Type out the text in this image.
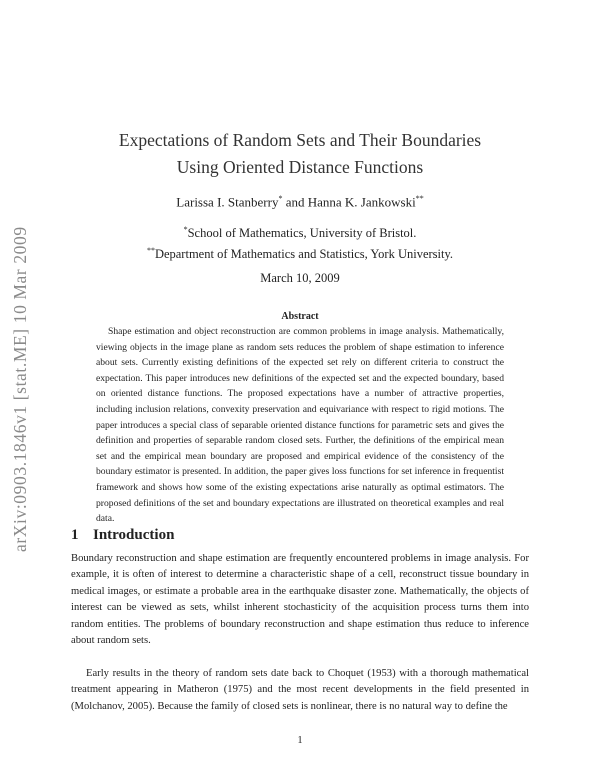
arXiv:0903.1846v1 [stat.ME] 10 Mar 2009
Expectations of Random Sets and Their Boundaries
Using Oriented Distance Functions
Larissa I. Stanberry* and Hanna K. Jankowski**
*School of Mathematics, University of Bristol.
**Department of Mathematics and Statistics, York University.
March 10, 2009
Abstract

Shape estimation and object reconstruction are common problems in image analysis. Mathematically, viewing objects in the image plane as random sets reduces the problem of shape estimation to inference about sets. Currently existing definitions of the expected set rely on different criteria to construct the expectation. This paper introduces new definitions of the expected set and the expected boundary, based on oriented distance functions. The proposed expectations have a number of attractive properties, including inclusion relations, convexity preservation and equivariance with respect to rigid motions. The paper introduces a special class of separable oriented distance functions for parametric sets and gives the definition and properties of separable random closed sets. Further, the definitions of the empirical mean set and the empirical mean boundary are proposed and empirical evidence of the consistency of the boundary estimator is presented. In addition, the paper gives loss functions for set inference in frequentist framework and shows how some of the existing expectations arise naturally as optimal estimators. The proposed definitions of the set and boundary expectations are illustrated on theoretical examples and real data.

1 Introduction

Boundary reconstruction and shape estimation are frequently encountered problems in image analysis. For example, it is often of interest to determine a characteristic shape of a cell, reconstruct tissue boundary in medical images, or estimate a probable area in the earthquake disaster zone. Mathematically, the objects of interest can be viewed as sets, whilst inherent stochasticity of the acquisition process turns them into random entities. The problems of boundary reconstruction and shape estimation thus reduce to inference about random sets.

Early results in the theory of random sets date back to Choquet (1953) with a thorough mathematical treatment appearing in Matheron (1975) and the most recent developments in the field presented in (Molchanov, 2005). Because the family of closed sets is nonlinear, there is no natural way to define the

1
